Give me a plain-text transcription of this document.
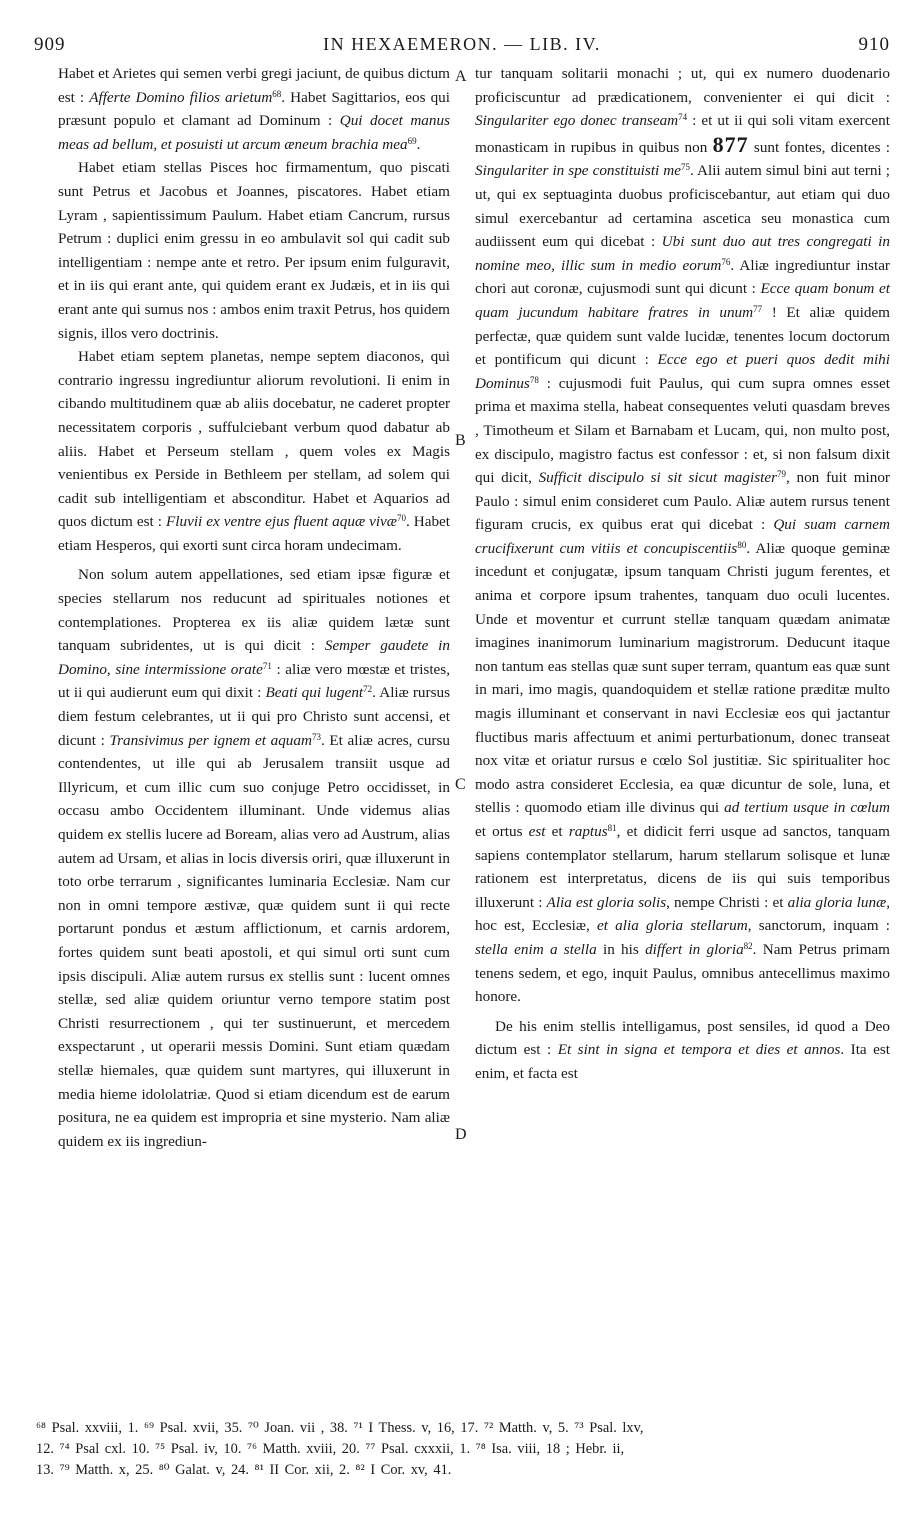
909	IN HEXAEMERON. — LIB. IV.	910
A
B
C
D

Habet et Arietes qui semen verbi gregi jaciunt, de quibus dictum est : Afferte Domino filios arietum$^{68}$. Habet Sagittarios, eos qui præsunt populo et clamant ad Dominum : Qui docet manus meas ad bellum, et posuisti ut arcum æneum brachia mea$^{69}$.

Habet etiam stellas Pisces hoc firmamentum, quo piscati sunt Petrus et Jacobus et Joannes, piscatores. Habet etiam Lyram , sapientissimum Paulum. Habet etiam Cancrum, rursus Petrum : duplici enim gressu in eo ambulavit sol qui cadit sub intelligentiam : nempe ante et retro. Per ipsum enim fulguravit, et in iis qui erant ante, qui quidem erant ex Judæis, et in iis qui erant ante qui sumus nos : ambos enim traxit Petrus, hos quidem signis, illos vero doctrinis.

Habet etiam septem planetas, nempe septem diaconos, qui contrario ingressu ingrediuntur aliorum revolutioni. Ii enim in cibando multitudinem quæ ab aliis docebatur, ne caderet propter necessitatem corporis , suffulciebant verbum quod dabatur ab aliis. Habet et Perseum stellam , quem voles ex Magis venientibus ex Perside in Bethleem per stellam, ad solem qui cadit sub intelligentiam et absconditur. Habet et Aquarios ad quos dictum est : Fluvii ex ventre ejus fluent aquæ vivæ$^{70}$. Habet etiam Hesperos, qui exorti sunt circa horam undecimam.

Non solum autem appellationes, sed etiam ipsæ figuræ et species stellarum nos reducunt ad spirituales notiones et contemplationes. Propterea ex iis aliæ quidem lætæ sunt tanquam subridentes, ut is qui dicit : Semper gaudete in Domino, sine intermissione orate$^{71}$ : aliæ vero mœstæ et tristes, ut ii qui audierunt eum qui dixit : Beati qui lugent$^{72}$. Aliæ rursus diem festum celebrantes, ut ii qui pro Christo sunt accensi, et dicunt : Transivimus per ignem et aquam$^{73}$. Et aliæ acres, cursu contendentes, ut ille qui ab Jerusalem transiit usque ad Illyricum, et cum illic cum suo conjuge Petro occidisset, in occasu ambo Occidentem illuminant. Unde videmus alias quidem ex stellis lucere ad Boream, alias vero ad Austrum, alias autem ad Ursam, et alias in locis diversis oriri, quæ illuxerunt in toto orbe terrarum , significantes luminaria Ecclesiæ. Nam cur non in omni tempore æstivæ, quæ quidem sunt ii qui recte portarunt pondus et æstum afflictionum, et carnis ardorem, fortes quidem sunt beati apostoli, et qui simul orti sunt cum ipsis discipuli. Aliæ autem rursus ex stellis sunt : lucent omnes stellæ, sed aliæ quidem oriuntur verno tempore statim post Christi resurrectionem , qui ter sustinuerunt, et mercedem exspectarunt , ut operarii messis Domini. Sunt etiam quædam stellæ hiemales, quæ quidem sunt martyres, qui illuxerunt in media hieme idololatriæ. Quod si etiam dicendum est de earum positura, ne ea quidem est impropria et sine mysterio. Nam aliæ quidem ex iis ingrediun-

tur tanquam solitarii monachi ; ut, qui ex numero duodenario proficiscuntur ad prædicationem, convenienter ei qui dicit : Singulariter ego donec transeam$^{74}$ : et ut ii qui soli vitam exercent monasticam in rupibus in quibus non 877 sunt fontes, dicentes : Singulariter in spe constituisti $me^{75}$. Alii autem simul bini aut terni ; ut, qui ex septuaginta duobus proficiscebantur, aut etiam qui duo simul exercebantur ad certamina ascetica seu monastica cum audiissent eum qui dicebat : Ubi sunt duo aut tres congregati in nomine meo, illic sum in medio eorum$^{76}$. Aliæ ingrediuntur instar chori aut coronæ, cujusmodi sunt qui dicunt : Ecce quam bonum et quam jucundum habitare fratres in unum$^{77}$ ! Et aliæ quidem perfectæ, quæ quidem sunt valde lucidæ, tenentes locum doctorum et pontificum qui dicunt : Ecce ego et pueri quos dedit mihi Dominus$^{78}$ : cujusmodi fuit Paulus, qui cum supra omnes esset prima et maxima stella, habeat consequentes veluti quasdam breves , Timotheum et Silam et Barnabam et Lucam, qui, non multo post, ex discipulo, magistro factus est confessor : et, si non falsum dixit qui dicit, Sufficit discipulo si sit sicut magister$^{79}$, non fuit minor Paulo : simul enim consideret cum Paulo. Aliæ autem rursus tenent figuram crucis, ex quibus erat qui dicebat : Qui suam carnem crucifixerunt cum vitiis et concupiscentiis$^{80}$. Aliæ quoque geminæ incedunt et conjugatæ, ipsum tanquam Christi jugum ferentes, et anima et corpore ipsum trahentes, tanquam duo oculi lucentes. Unde et moventur et currunt stellæ tanquam quædam animatæ imagines inanimorum luminarium magistrorum. Deducunt itaque non tantum eas stellas quæ sunt super terram, quantum eas quæ sunt in mari, imo magis, quandoquidem et stellæ ratione præditæ multo magis illuminant et conservant in navi Ecclesiæ eos qui jactantur fluctibus maris affectuum et animi perturbationum, donec transeat nox vitæ et oriatur rursus e cœlo Sol justitiæ. Sic spiritualiter hoc modo astra consideret Ecclesia, ea quæ dicuntur de sole, luna, et stellis : quomodo etiam ille divinus qui ad tertium usque in cœlum et ortus est et raptus$^{81}$, et didicit ferri usque ad sanctos, tanquam sapiens contemplator stellarum, harum stellarum solisque et lunæ rationem est interpretatus, dicens de iis qui suis temporibus illuxerunt : Alia est gloria solis, nempe Christi : et alia gloria lunæ, hoc est, Ecclesiæ, et alia gloria stellarum, sanctorum, inquam : stella enim a stella in his differt in gloria$^{82}$. Nam Petrus primam tenens sedem, et ego, inquit Paulus, omnibus antecellimus maximo honore.

De his enim stellis intelligamus, post sensiles, id quod a Deo dictum est : Et sint in signa et tempora et dies et annos. Ita est enim, et facta est

⁶⁸ Psal. xxviii, 1. ⁶⁹ Psal. xvii, 35. ⁷⁰ Joan. vii , 38. ⁷¹ I Thess. v, 16, 17. ⁷² Matth. v, 5. ⁷³ Psal. lxv,
12. ⁷⁴ Psal cxl. 10. ⁷⁵ Psal. iv, 10. ⁷⁶ Matth. xviii, 20. ⁷⁷ Psal. cxxxii, 1. ⁷⁸ Isa. viii, 18 ; Hebr. ii,
13. ⁷⁹ Matth. x, 25. ⁸⁰ Galat. v, 24. ⁸¹ II Cor. xii, 2. ⁸² I Cor. xv, 41.
